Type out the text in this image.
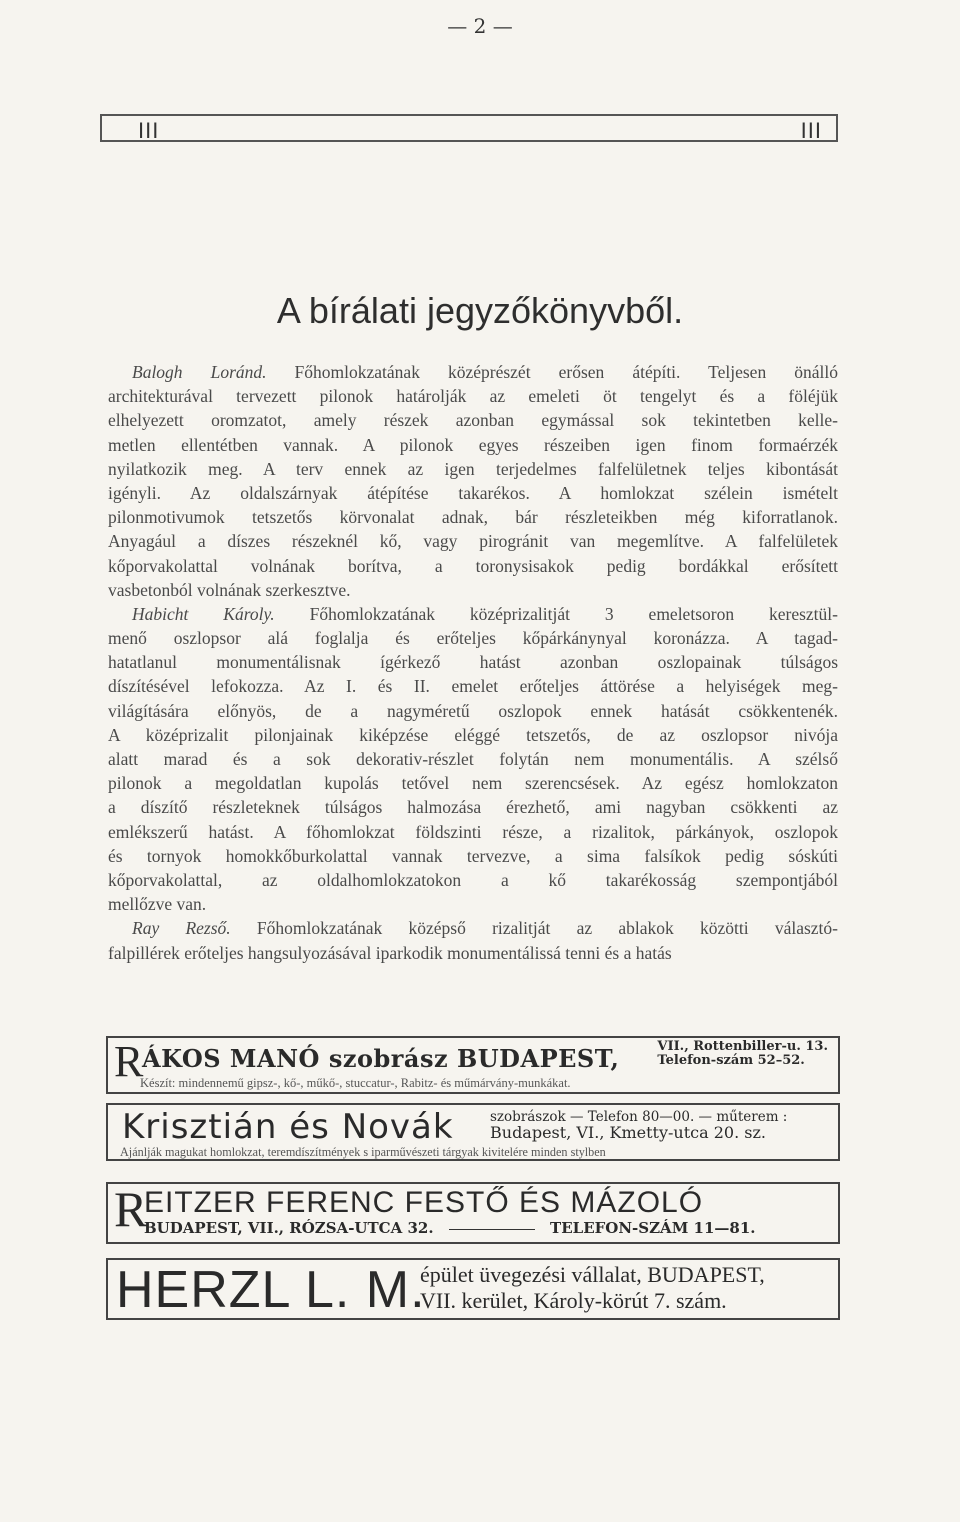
— 2 —
III	III
A bírálati jegyzőkönyvből.
Balogh Loránd. Főhomlokzatának középrészét erősen átépíti. Teljesen önálló
architekturával tervezett pilonok határolják az emeleti öt tengelyt és a föléjük
elhelyezett oromzatot, amely részek azonban egymással sok tekintetben kelle-
metlen ellentétben vannak. A pilonok egyes részeiben igen finom formaérzék
nyilatkozik meg. A terv ennek az igen terjedelmes falfelületnek teljes kibontását
igényli. Az oldalszárnyak átépítése takarékos. A homlokzat szélein ismételt
pilonmotivumok tetszetős körvonalat adnak, bár részleteikben még kiforratlanok.
Anyagául a díszes részeknél kő, vagy pirogránit van megemlítve. A falfelületek
kőporvakolattal volnának borítva, a toronysisakok pedig bordákkal erősített
vasbetonból volnának szerkesztve.
Habicht Károly. Főhomlokzatának középrizalitját 3 emeletsoron keresztül-
menő oszlopsor alá foglalja és erőteljes kőpárkánynyal koronázza. A tagad-
hatatlanul monumentálisnak ígérkező hatást azonban oszlopainak túlságos
díszítésével lefokozza. Az I. és II. emelet erőteljes áttörése a helyiségek meg-
világítására előnyös, de a nagyméretű oszlopok ennek hatását csökkentenék.
A középrizalit pilonjainak kiképzése eléggé tetszetős, de az oszlopsor nivója
alatt marad és a sok dekorativ-részlet folytán nem monumentális. A szélső
pilonok a megoldatlan kupolás tetővel nem szerencsések. Az egész homlokzaton
a díszítő részleteknek túlságos halmozása érezhető, ami nagyban csökkenti az
emlékszerű hatást. A főhomlokzat földszinti része, a rizalitok, párkányok, oszlopok
és tornyok homokkőburkolattal vannak tervezve, a sima falsíkok pedig sóskúti
kőporvakolattal, az oldalhomlokzatokon a kő takarékosság szempontjából
mellőzve van.
Ray Rezső. Főhomlokzatának középső rizalitját az ablakok közötti választó-
falpillérek erőteljes hangsulyozásával iparkodik monumentálissá tenni és a hatás
R
ÁKOS MANÓ szobrász BUDAPEST,	VII., Rottenbiller-u. 13.
Telefon-szám 52–52.
Készít: mindennemű gipsz-, kő-, műkő-, stuccatur-, Rabitz- és műmárvány-munkákat.
Krisztián és Novák	szobrászok — Telefon 80—00. — műterem :
Budapest, VI., Kmetty-utca 20. sz.
Ajánlják magukat homlokzat, teremdíszítmények s iparművészeti tárgyak kivitelére minden stylben
R
EITZER FERENC FESTŐ ÉS MÁZOLÓ
BUDAPEST, VII., RÓZSA-UTCA 32.	TELEFON-SZÁM 11—81.
HERZL L. M.
épület üvegezési vállalat, BUDAPEST,
VII. kerület, Károly-körút 7. szám.
